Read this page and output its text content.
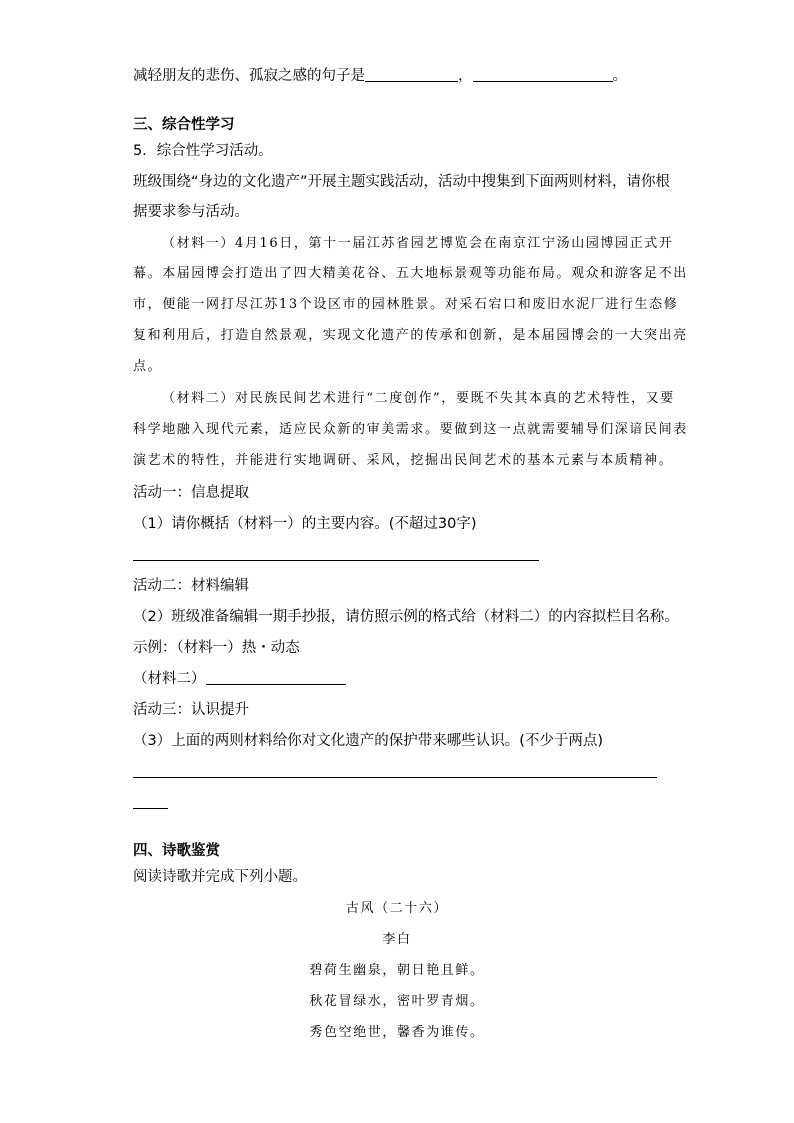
减轻朋友的悲伤、孤寂之感的句子是	，	。
三、综合性学习
5．综合性学习活动。
班级围绕“身边的文化遗产”开展主题实践活动，活动中搜集到下面两则材料，请你根
据要求参与活动。
（材料一）4月16日，第十一届江苏省园艺博览会在南京江宁汤山园博园正式开
幕。本届园博会打造出了四大精美花谷、五大地标景观等功能布局。观众和游客足不出
市，便能一网打尽江苏13个设区市的园林胜景。对采石宕口和废旧水泥厂进行生态修
复和利用后，打造自然景观，实现文化遗产的传承和创新，是本届园博会的一大突出亮
点。
（材料二）对民族民间艺术进行“二度创作”，要既不失其本真的艺术特性，又要
科学地融入现代元素，适应民众新的审美需求。要做到这一点就需要辅导们深谙民间表
演艺术的特性，并能进行实地调研、采风，挖掘出民间艺术的基本元素与本质精神。
活动一：信息提取
（1）请你概括（材料一）的主要内容。(不超过30字)
活动二：材料编辑
（2）班级准备编辑一期手抄报，请仿照示例的格式给（材料二）的内容拟栏目名称。
示例：（材料一）热・动态
（材料二）
活动三：认识提升
（3）上面的两则材料给你对文化遗产的保护带来哪些认识。(不少于两点)
四、诗歌鉴赏
阅读诗歌并完成下列小题。
古风（二十六）
李白
碧荷生幽泉，朝日艳且鲜。
秋花冒绿水，密叶罗青烟。
秀色空绝世，馨香为谁传。
